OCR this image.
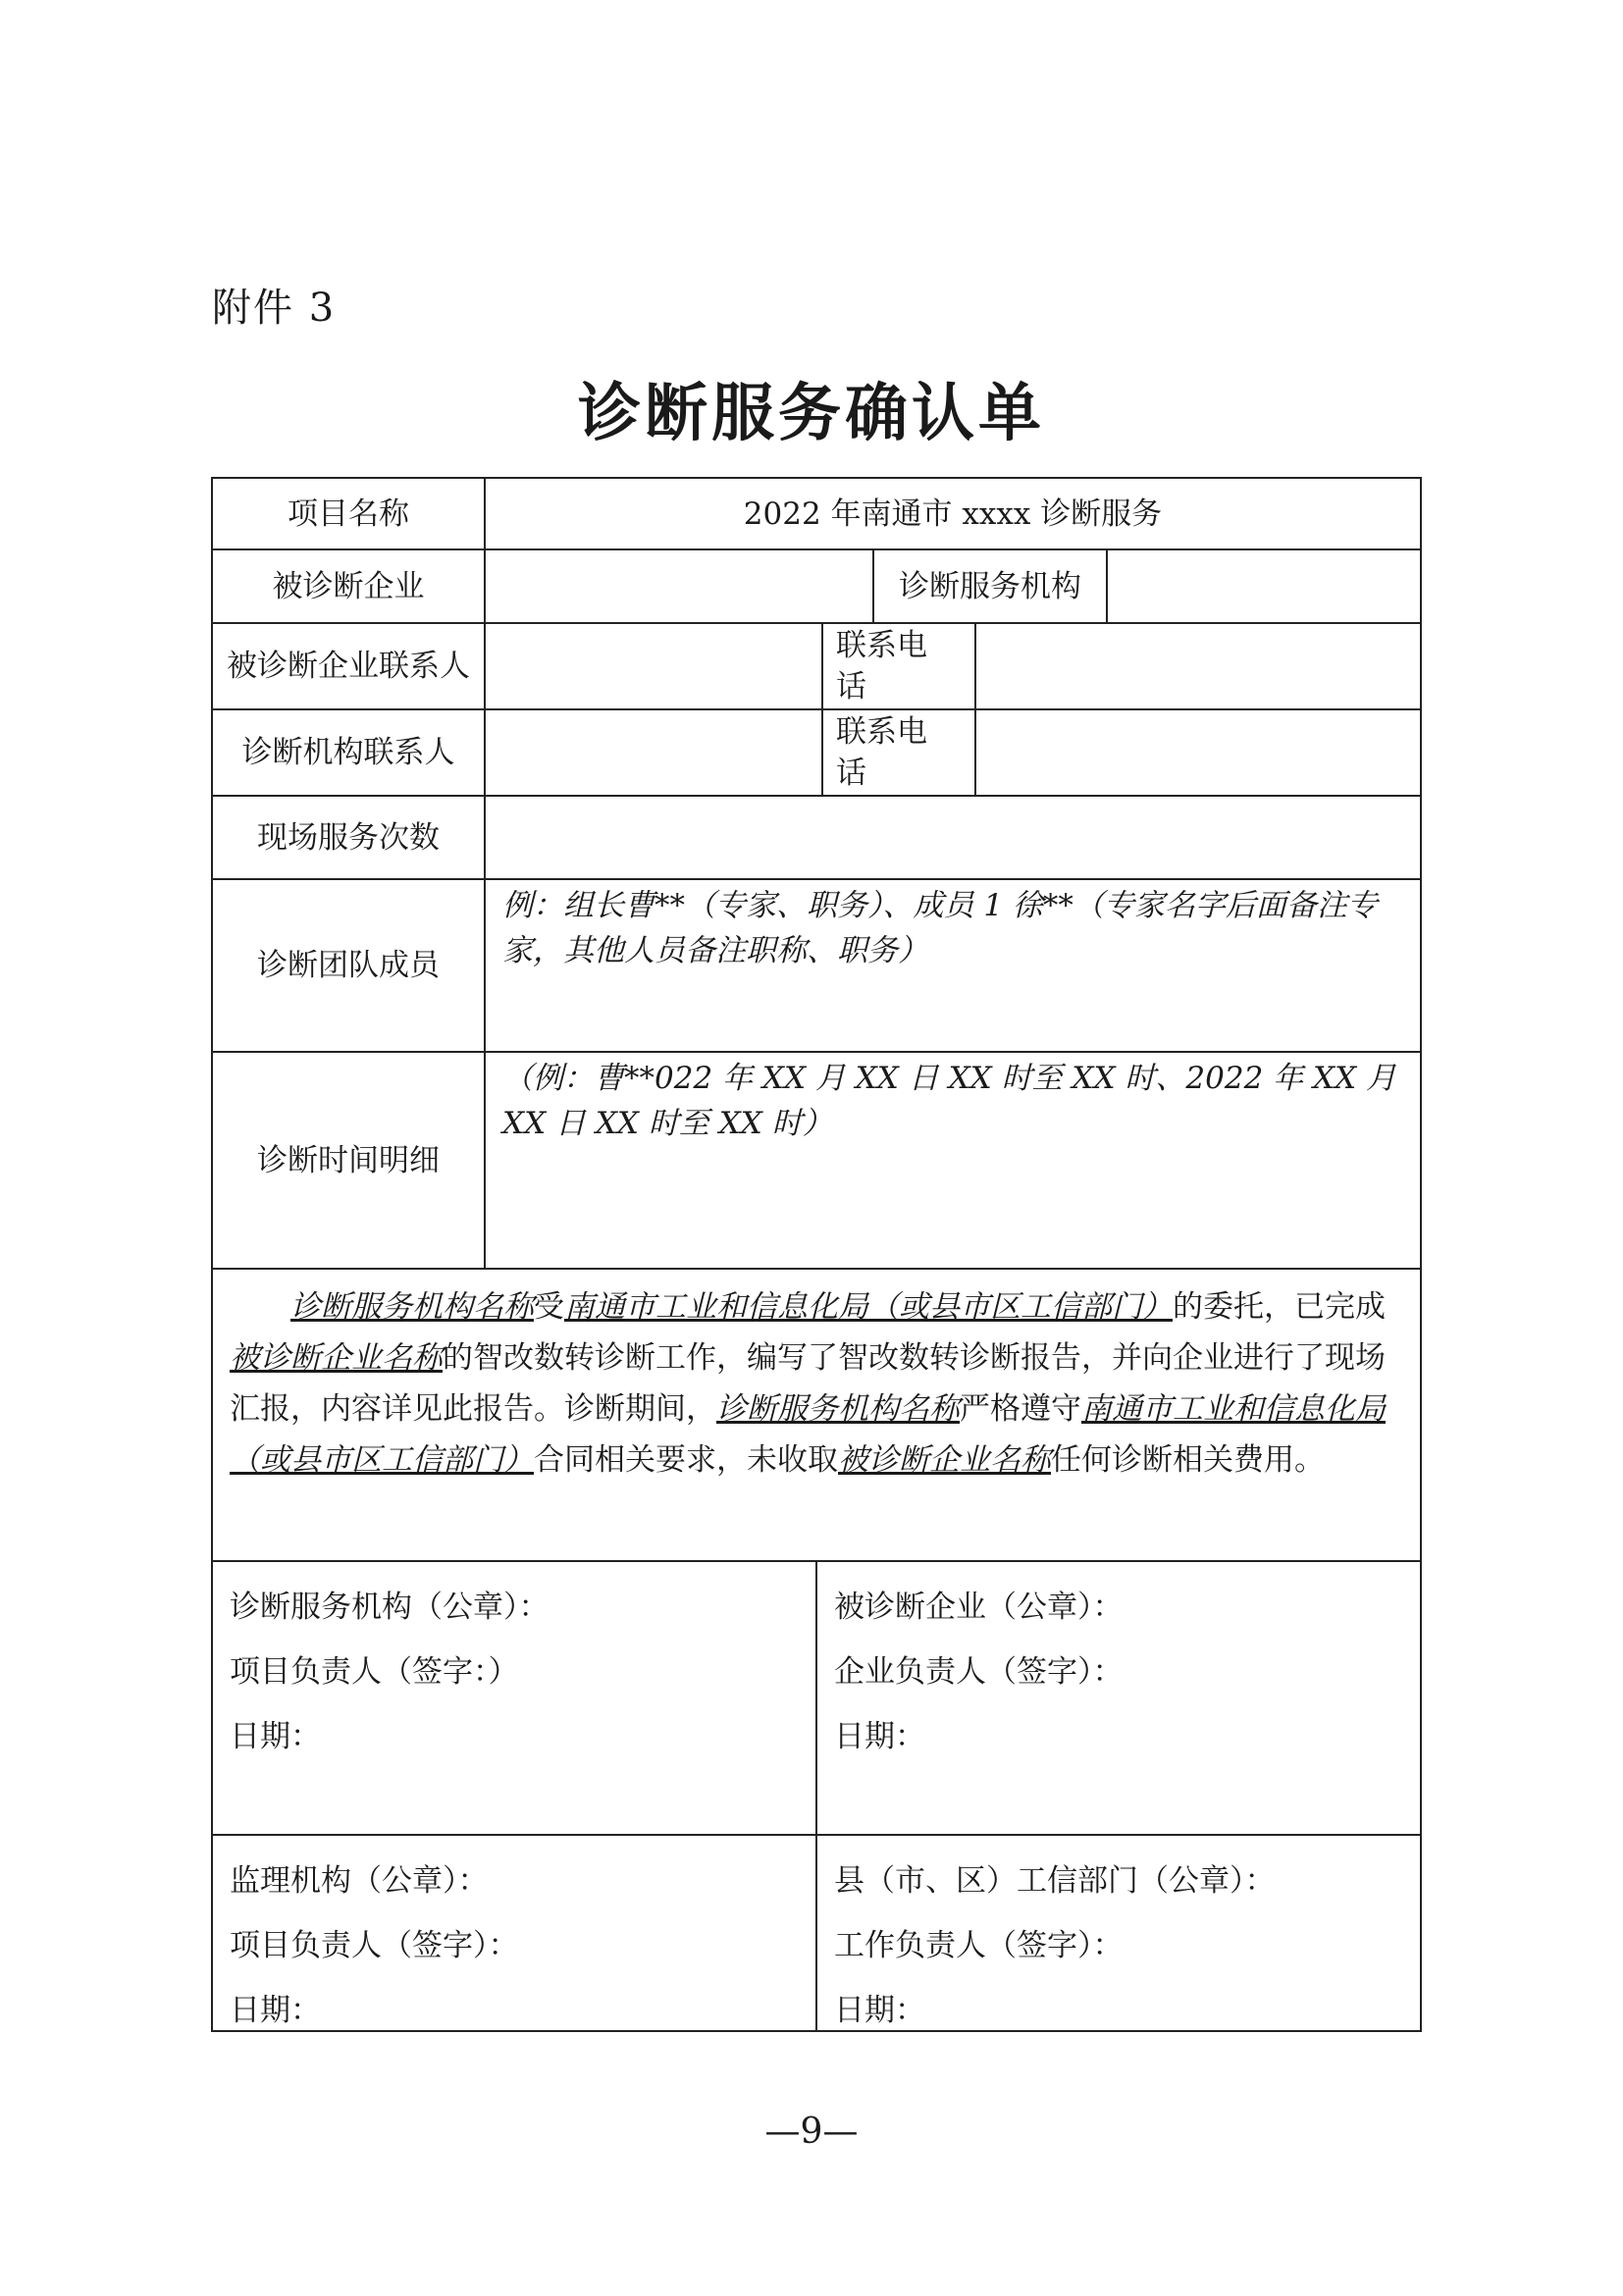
附件 3
诊断服务确认单
项目名称	2022 年南通市 xxxx 诊断服务
被诊断企业	诊断服务机构
被诊断企业联系人
联系电话
诊断机构联系人
联系电话
现场服务次数
诊断团队成员
例：组长曹**（专家、职务）、成员 1 徐**（专家名字后面备注专家，其他人员备注职称、职务）
诊断时间明细
（例：曹**022 年 XX 月 XX 日 XX 时至 XX 时、2022 年 XX 月 XX 日 XX 时至 XX 时）
诊断服务机构名称受南通市工业和信息化局（或县市区工信部门）的委托，已完成被诊断企业名称的智改数转诊断工作，编写了智改数转诊断报告，并向企业进行了现场汇报，内容详见此报告。诊断期间，诊断服务机构名称严格遵守南通市工业和信息化局（或县市区工信部门）合同相关要求，未收取被诊断企业名称任何诊断相关费用。
诊断服务机构（公章）：
项目负责人（签字：）
日期：
被诊断企业（公章）：
企业负责人（签字）：
日期：
监理机构（公章）：
项目负责人（签字）：
日期：
县（市、区）工信部门（公章）：
工作负责人（签字）：
日期：
—9—
